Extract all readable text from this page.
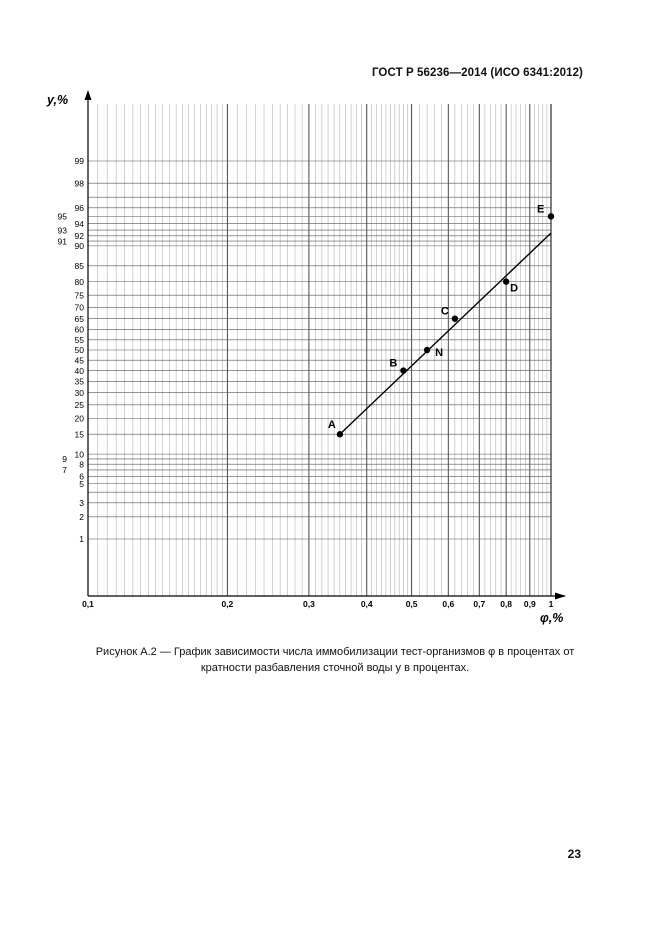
ГОСТ Р 56236—2014 (ИСО 6341:2012)
1
2
3
5
6
8
10
15
20
25
30
35
40
45
50
55
60
65
70
75
80
85
90
92
94
96
98
99
7
9
91
93
95
0,1	0,2	0,3	0,4	0,5	0,6 0,7 0,8 0,9 1
A
B
N
C
D
E
y,%
φ,%
Рисунок А.2 — График зависимости числа иммобилизации тест-организмов φ в процентах от
кратности разбавления сточной воды y в процентах.
23
